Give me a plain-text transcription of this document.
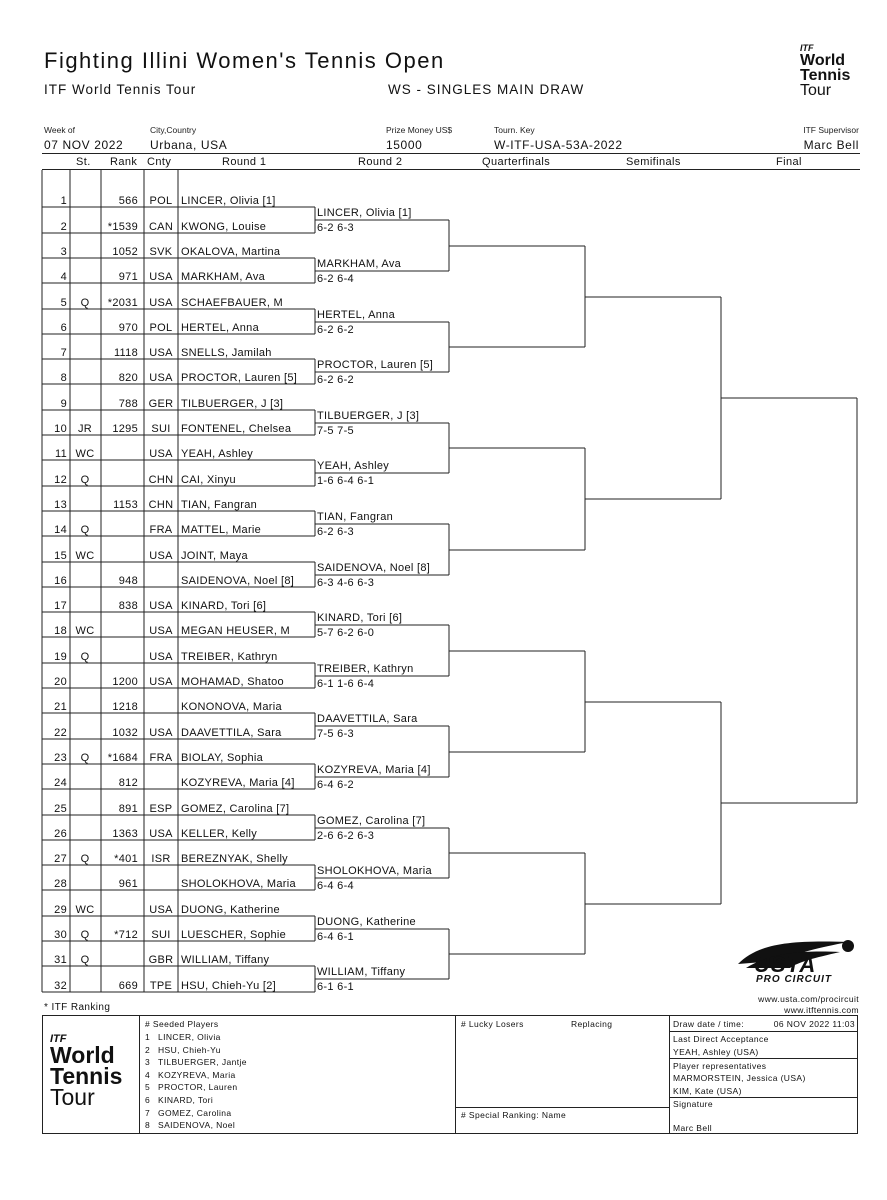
Fighting Illini Women's Tennis Open
ITF World Tennis Tour	WS - SINGLES MAIN DRAW
ITF
World
Tennis
Tour
Week of
07 NOV 2022
City,Country
Urbana, USA
Prize Money US$
15000
Tourn. Key
W-ITF-USA-53A-2022
ITF Supervisor
Marc Bell
St. Rank Cnty	Round 1	Round 2	Quarterfinals	Semifinals	Final
1	566	POL LINCER, Olivia [1]
2	*1539 CAN KWONG, Louise
3	1052	SVK OKALOVA, Martina
4	971 USA MARKHAM, Ava
5	Q	*2031 USA SCHAEFBAUER, M
6	970	POL HERTEL, Anna
7	1118 USA SNELLS, Jamilah
8	820 USA PROCTOR, Lauren [5]
9	788 GER TILBUERGER, J [3]
10 JR	1295	SUI FONTENEL, Chelsea
11 WC	USA YEAH, Ashley
12	Q	CHN CAI, Xinyu
13	1153 CHN TIAN, Fangran
14	Q	FRA MATTEL, Marie
15 WC	USA JOINT, Maya
16	948	SAIDENOVA, Noel [8]
17	838 USA KINARD, Tori [6]
18 WC	USA MEGAN HEUSER, M
19	Q	USA TREIBER, Kathryn
20	1200 USA MOHAMAD, Shatoo
21	1218	KONONOVA, Maria
22	1032 USA DAAVETTILA, Sara
23	Q	*1684	FRA BIOLAY, Sophia
24	812	KOZYREVA, Maria [4]
25	891	ESP GOMEZ, Carolina [7]
26	1363 USA KELLER, Kelly
27	Q	*401	ISR BEREZNYAK, Shelly
28	961	SHOLOKHOVA, Maria
29 WC	USA DUONG, Katherine
30	Q	*712	SUI LUESCHER, Sophie
31	Q	GBR WILLIAM, Tiffany
32	669	TPE HSU, Chieh-Yu [2]
LINCER, Olivia [1]
6-2 6-3
MARKHAM, Ava
6-2 6-4
HERTEL, Anna
6-2 6-2
PROCTOR, Lauren [5]
6-2 6-2
TILBUERGER, J [3]
7-5 7-5
YEAH, Ashley
1-6 6-4 6-1
TIAN, Fangran
6-2 6-3
SAIDENOVA, Noel [8]
6-3 4-6 6-3
KINARD, Tori [6]
5-7 6-2 6-0
TREIBER, Kathryn
6-1 1-6 6-4
DAAVETTILA, Sara
7-5 6-3
KOZYREVA, Maria [4]
6-4 6-2
GOMEZ, Carolina [7]
2-6 6-2 6-3
SHOLOKHOVA, Maria
6-4 6-4
DUONG, Katherine
6-4 6-1
WILLIAM, Tiffany
6-1 6-1
USTA
PRO CIRCUIT
www.usta.com/procircuit
www.itftennis.com
* ITF Ranking
ITF
World
Tennis
Tour
# Seeded Players
1 LINCER, Olivia
2 HSU, Chieh-Yu
3 TILBUERGER, Jantje
4 KOZYREVA, Maria
5 PROCTOR, Lauren
6 KINARD, Tori
7 GOMEZ, Carolina
8 SAIDENOVA, Noel
# Lucky Losers	Replacing
# Special Ranking: Name
Draw date / time:	06 NOV 2022 11:03
Last Direct Acceptance
YEAH, Ashley (USA)
Player representatives
MARMORSTEIN, Jessica (USA)
KIM, Kate (USA)
Signature
Marc Bell
